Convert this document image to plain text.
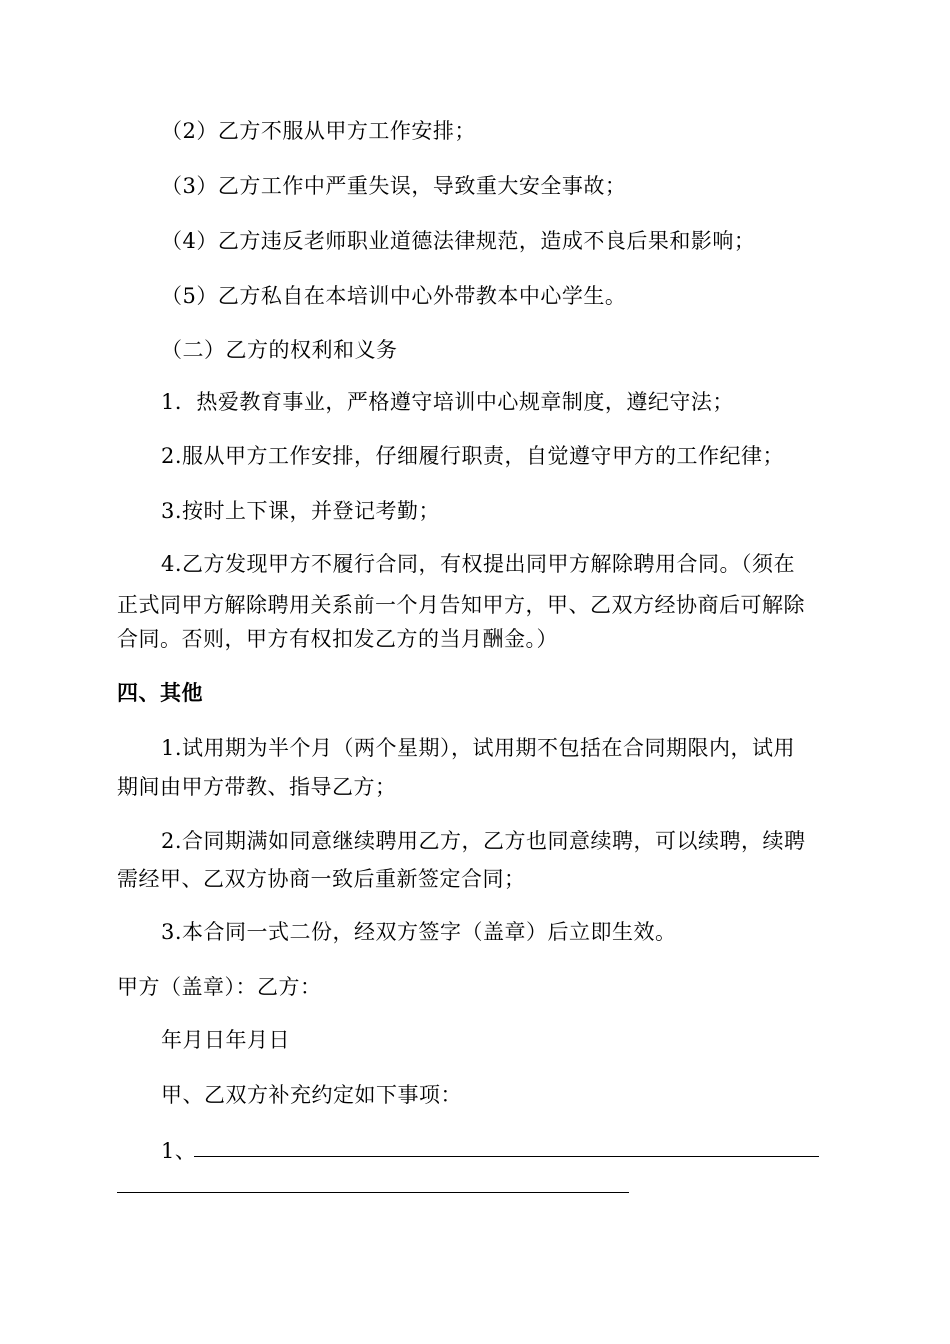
（2）乙方不服从甲方工作安排；
（3）乙方工作中严重失误，导致重大安全事故；
（4）乙方违反老师职业道德法律规范，造成不良后果和影响；
（5）乙方私自在本培训中心外带教本中心学生。
（二）乙方的权利和义务
1．热爱教育事业，严格遵守培训中心规章制度，遵纪守法；
2.服从甲方工作安排，仔细履行职责，自觉遵守甲方的工作纪律；
3.按时上下课，并登记考勤；
4.乙方发现甲方不履行合同，有权提出同甲方解除聘用合同。（须在
正式同甲方解除聘用关系前一个月告知甲方，甲、乙双方经协商后可解除
合同。否则，甲方有权扣发乙方的当月酬金。）
四、其他
1.试用期为半个月（两个星期），试用期不包括在合同期限内，试用
期间由甲方带教、指导乙方；
2.合同期满如同意继续聘用乙方，乙方也同意续聘，可以续聘，续聘
需经甲、乙双方协商一致后重新签定合同；
3.本合同一式二份，经双方签字（盖章）后立即生效。
甲方（盖章）：乙方：
年月日年月日
甲、乙双方补充约定如下事项：
1、
